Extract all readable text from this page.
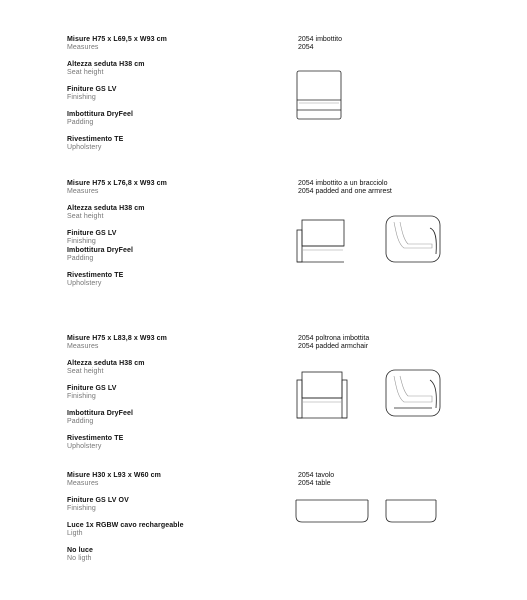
Misure H75 x L69,5 x W93 cm
Measures
Altezza seduta H38 cm
Seat height
Finiture GS LV
Finishing
Imbottitura DryFeel
Padding
Rivestimento TE
Upholstery
2054 imbottito
2054
Misure H75 x L76,8 x W93 cm
Measures
Altezza seduta H38 cm
Seat height
Finiture GS LV
Finishing
Imbottitura DryFeel
Padding
Rivestimento TE
Upholstery
2054 imbottito a un bracciolo
2054 padded and one armrest
Misure H75 x L83,8 x W93 cm
Measures
Altezza seduta H38 cm
Seat height
Finiture GS LV
Finishing
Imbottitura DryFeel
Padding
Rivestimento TE
Upholstery
2054 poltrona imbottita
2054 padded armchair
Misure H30 x L93 x W60 cm
Measures
Finiture GS LV OV
Finishing
Luce 1x RGBW cavo rechargeable
Ligth
No luce
No ligth
2054 tavolo
2054 table
